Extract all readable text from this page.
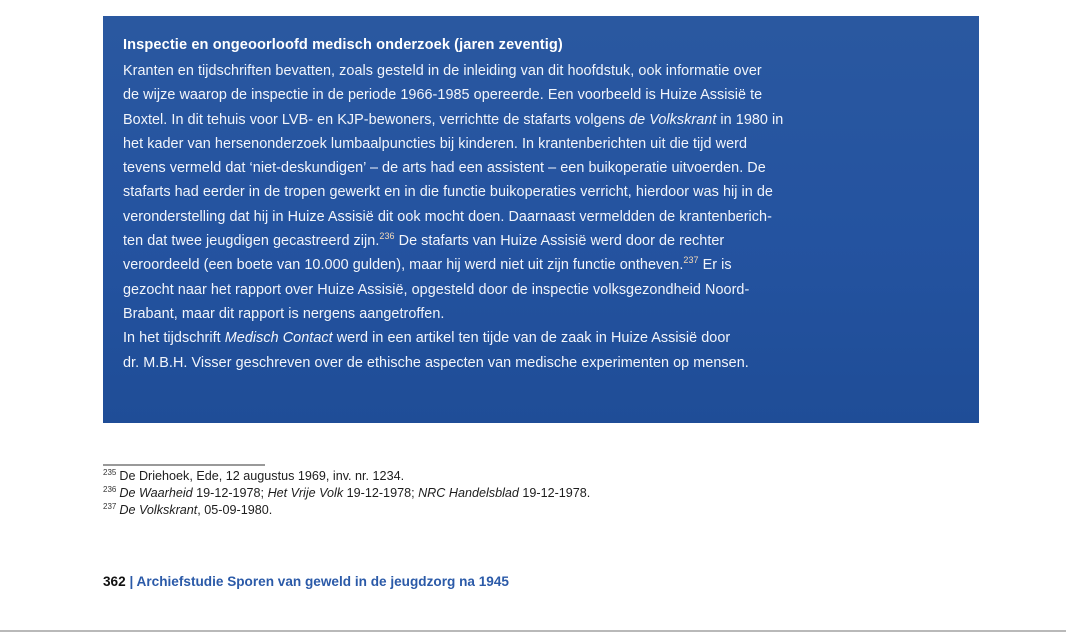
Inspectie en ongeoorloofd medisch onderzoek (jaren zeventig)
Kranten en tijdschriften bevatten, zoals gesteld in de inleiding van dit hoofdstuk, ook informatie over
de wijze waarop de inspectie in de periode 1966-1985 opereerde. Een voorbeeld is Huize Assisië te
Boxtel. In dit tehuis voor LVB- en KJP-bewoners, verrichtte de stafarts volgens de Volkskrant in 1980 in
het kader van hersenonderzoek lumbaalpuncties bij kinderen. In krantenberichten uit die tijd werd
tevens vermeld dat ‘niet-deskundigen’ – de arts had een assistent – een buikoperatie uitvoerden. De
stafarts had eerder in de tropen gewerkt en in die functie buikoperaties verricht, hierdoor was hij in de
veronderstelling dat hij in Huize Assisië dit ook mocht doen. Daarnaast vermeldden de krantenberich-
ten dat twee jeugdigen gecastreerd zijn.$^{236}$ De stafarts van Huize Assisië werd door de rechter
veroordeeld (een boete van 10.000 gulden), maar hij werd niet uit zijn functie ontheven.$^{237}$ Er is
gezocht naar het rapport over Huize Assisië, opgesteld door de inspectie volksgezondheid Noord-
Brabant, maar dit rapport is nergens aangetroffen.
In het tijdschrift Medisch Contact werd in een artikel ten tijde van de zaak in Huize Assisië door
dr. M.B.H. Visser geschreven over de ethische aspecten van medische experimenten op mensen.
$^{235}$ De Driehoek, Ede, 12 augustus 1969, inv. nr. 1234.
$^{236}$ De Waarheid 19-12-1978; Het Vrije Volk 19-12-1978; NRC Handelsblad 19-12-1978.
$^{237}$ De Volkskrant, 05-09-1980.
362 | Archiefstudie Sporen van geweld in de jeugdzorg na 1945
